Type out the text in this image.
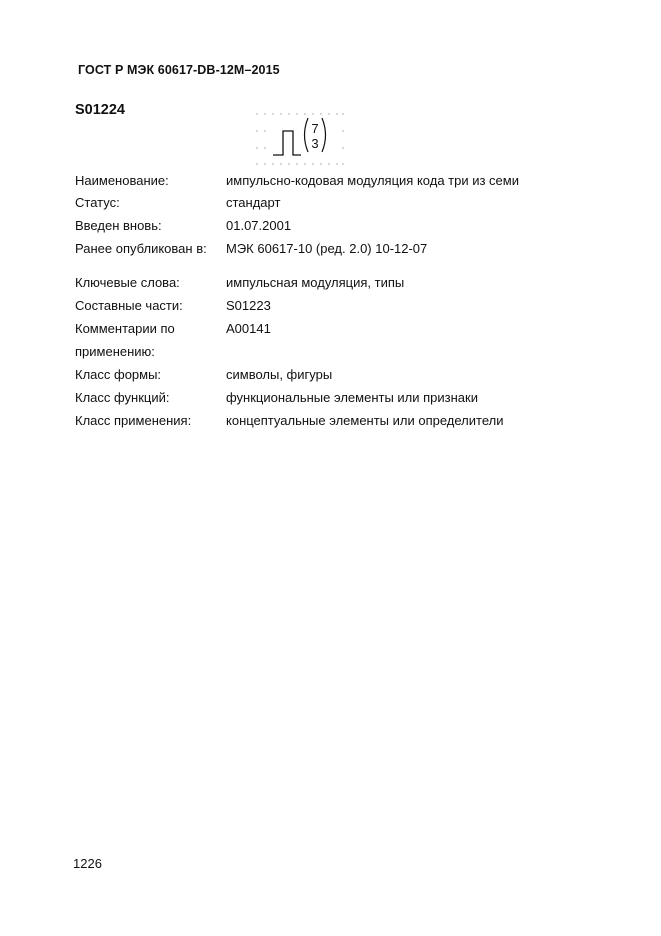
ГОСТ Р МЭК 60617-DB-12M–2015
S01224
7
3
Наименование:	импульсно-кодовая модуляция кода три из семи
Статус:	стандарт
Введен вновь:	01.07.2001
Ранее опубликован в: МЭК 60617-10 (ред. 2.0) 10-12-07
Ключевые слова:	импульсная модуляция, типы
Составные части:	S01223
Комментарии по	A00141
применению:
Класс формы:	символы, фигуры
Класс функций:	функциональные элементы или признаки
Класс применения:	концептуальные элементы или определители
1226
